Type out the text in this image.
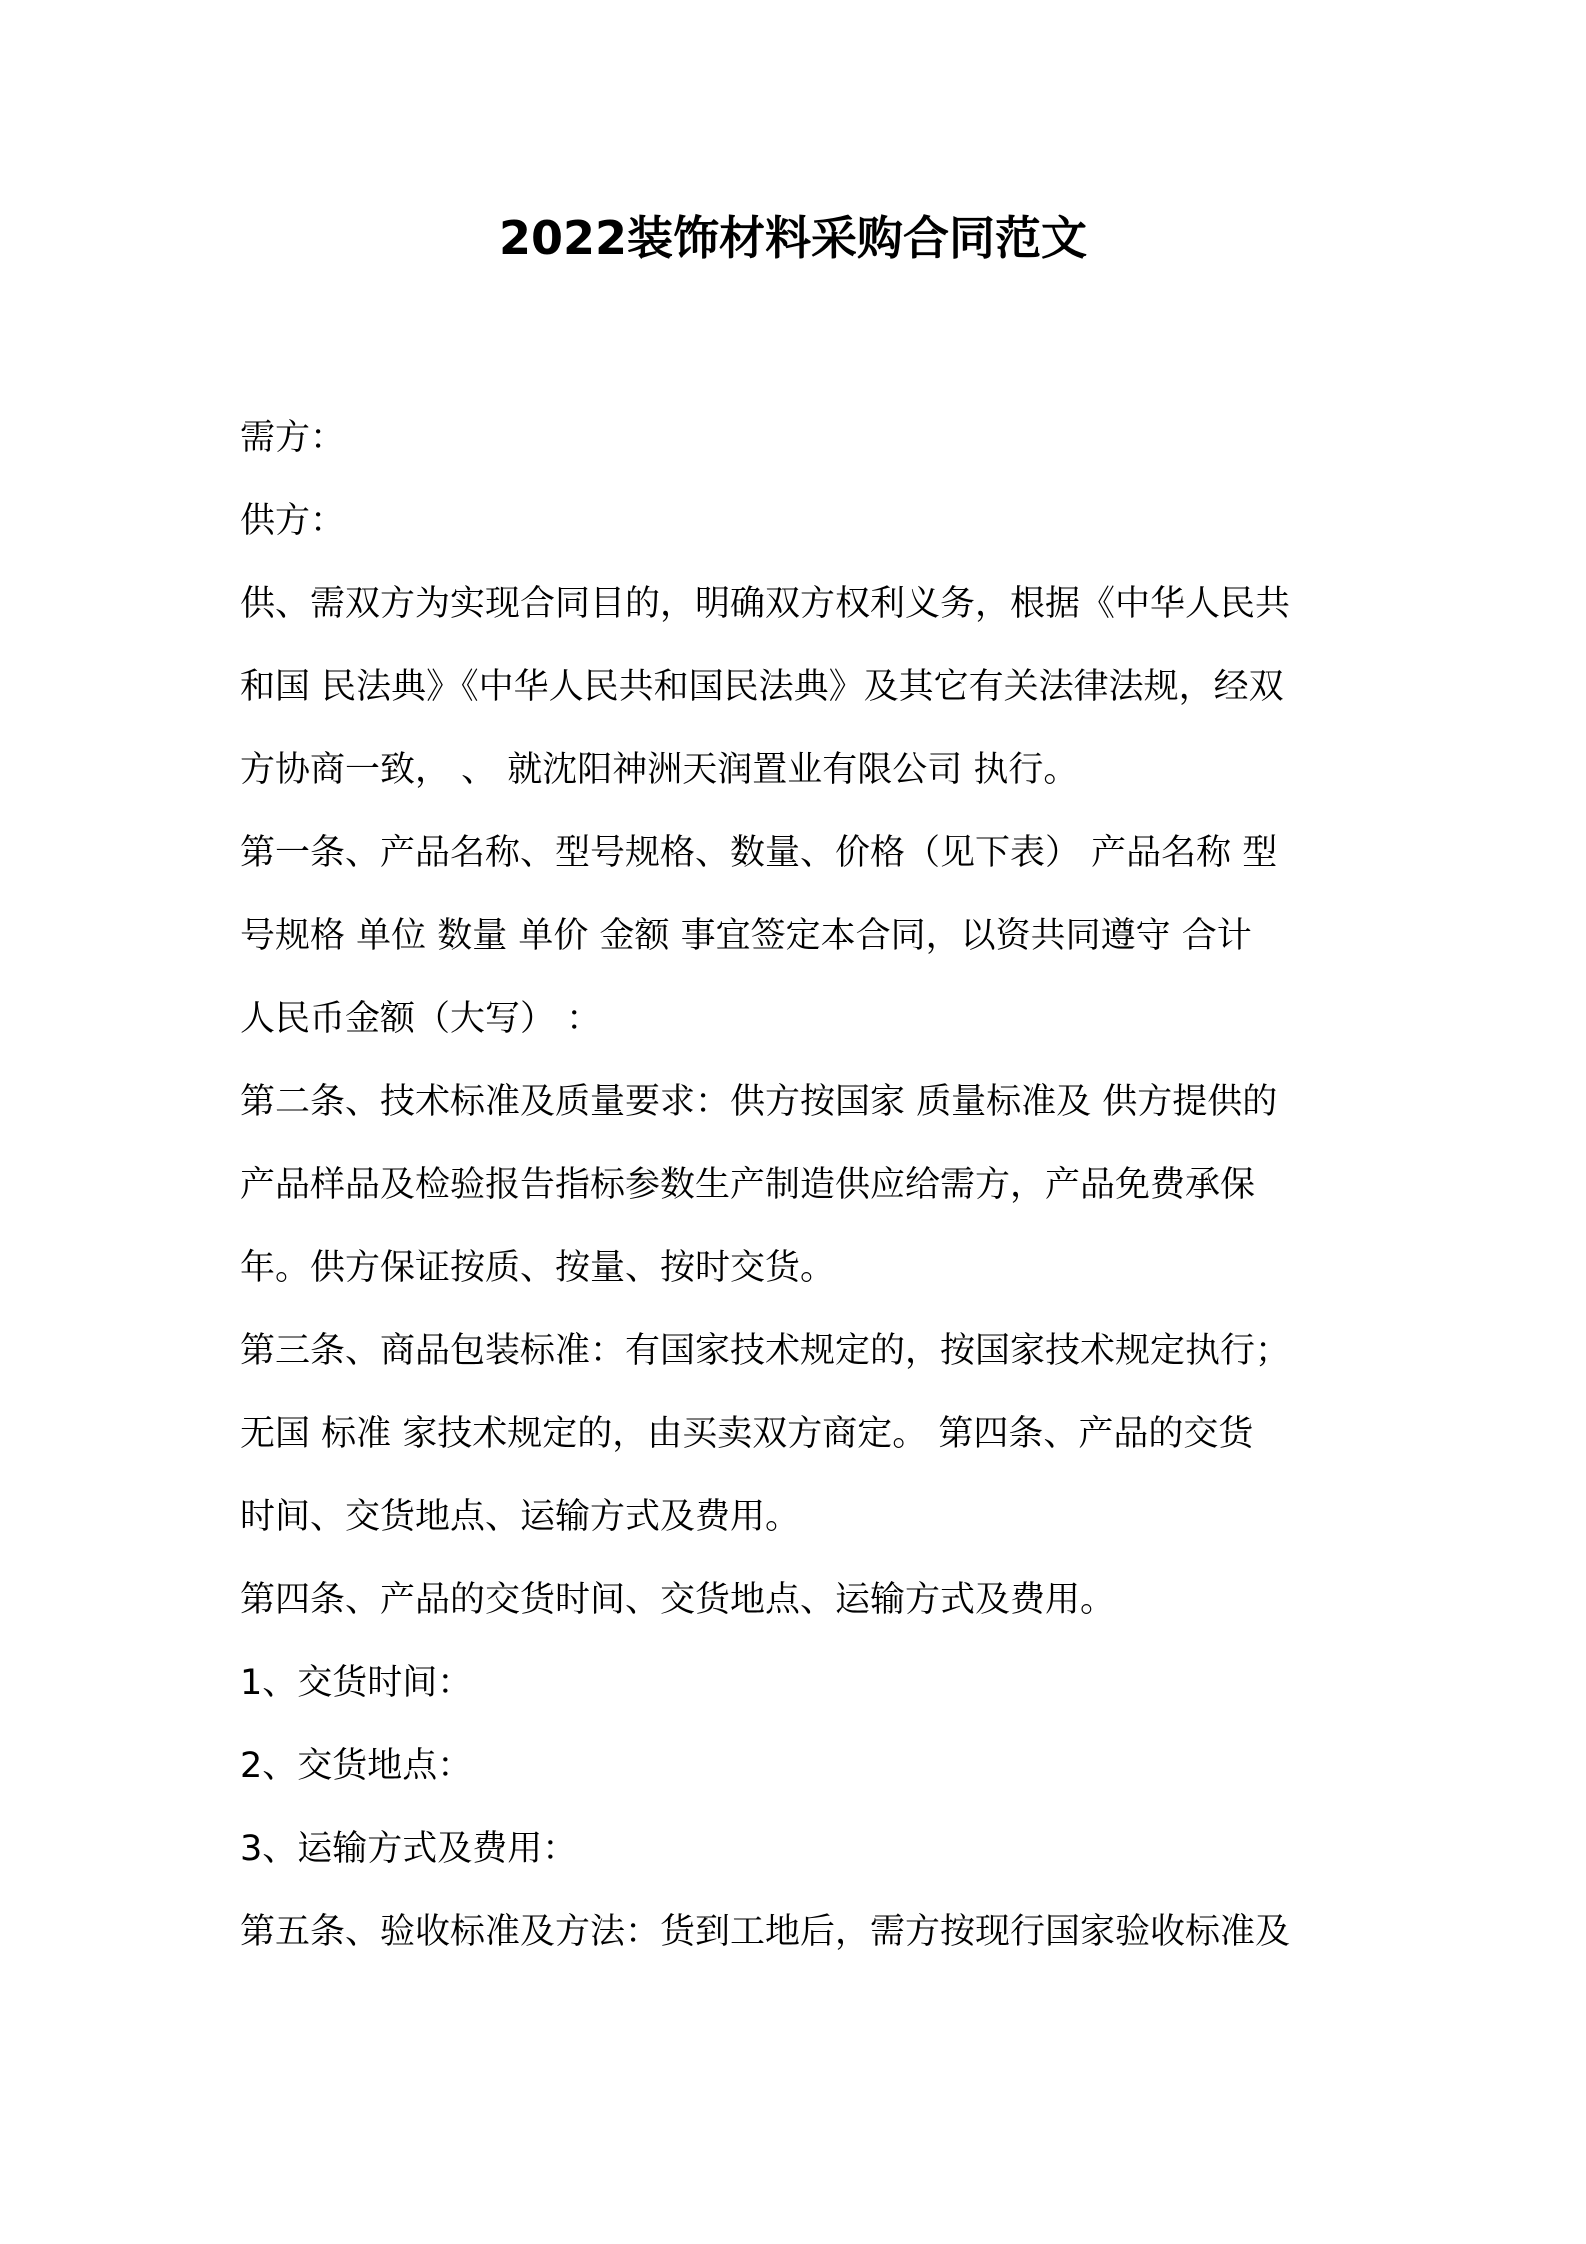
2022装饰材料采购合同范文
需方：
供方：
供、需双方为实现合同目的，明确双方权利义务，根据《中华人民共
和国 民法典》《中华人民共和国民法典》及其它有关法律法规，经双
方协商一致， 、 就沈阳神洲天润置业有限公司 执行。
第一条、产品名称、型号规格、数量、价格（见下表） 产品名称 型
号规格 单位 数量 单价 金额 事宜签定本合同，以资共同遵守 合计
人民币金额（大写） ：
第二条、技术标准及质量要求：供方按国家 质量标准及 供方提供的
产品样品及检验报告指标参数生产制造供应给需方，产品免费承保
年。供方保证按质、按量、按时交货。
第三条、商品包装标准：有国家技术规定的，按国家技术规定执行；
无国 标准 家技术规定的，由买卖双方商定。 第四条、产品的交货
时间、交货地点、运输方式及费用。
第四条、产品的交货时间、交货地点、运输方式及费用。
1、交货时间：
2、交货地点：
3、运输方式及费用：
第五条、验收标准及方法：货到工地后，需方按现行国家验收标准及
